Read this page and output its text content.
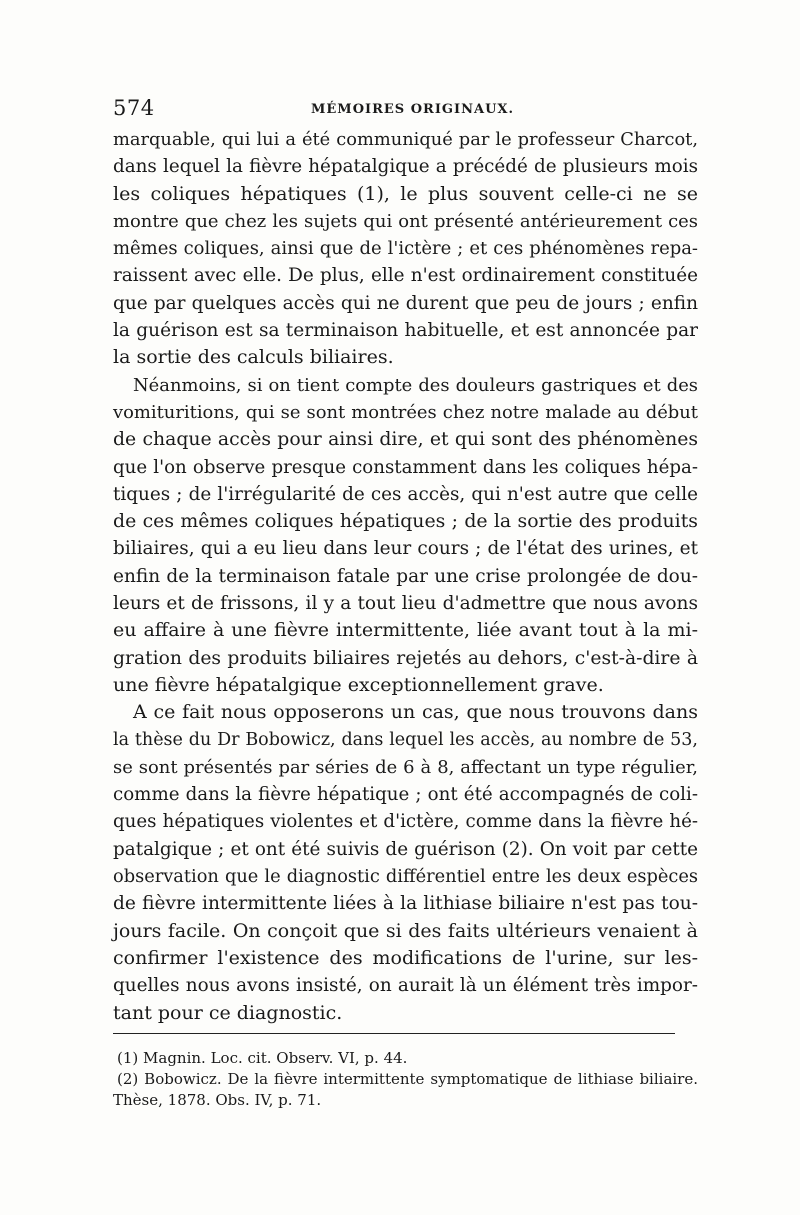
574	MÉMOIRES ORIGINAUX.
marquable, qui lui a été communiqué par le professeur Charcot,
dans lequel la fièvre hépatalgique a précédé de plusieurs mois
les coliques hépatiques (1), le plus souvent celle-ci ne se
montre que chez les sujets qui ont présenté antérieurement ces
mêmes coliques, ainsi que de l'ictère ; et ces phénomènes repa-
raissent avec elle. De plus, elle n'est ordinairement constituée
que par quelques accès qui ne durent que peu de jours ; enfin
la guérison est sa terminaison habituelle, et est annoncée par
la sortie des calculs biliaires.
Néanmoins, si on tient compte des douleurs gastriques et des
vomituritions, qui se sont montrées chez notre malade au début
de chaque accès pour ainsi dire, et qui sont des phénomènes
que l'on observe presque constamment dans les coliques hépa-
tiques ; de l'irrégularité de ces accès, qui n'est autre que celle
de ces mêmes coliques hépatiques ; de la sortie des produits
biliaires, qui a eu lieu dans leur cours ; de l'état des urines, et
enfin de la terminaison fatale par une crise prolongée de dou-
leurs et de frissons, il y a tout lieu d'admettre que nous avons
eu affaire à une fièvre intermittente, liée avant tout à la mi-
gration des produits biliaires rejetés au dehors, c'est-à-dire à
une fièvre hépatalgique exceptionnellement grave.
A ce fait nous opposerons un cas, que nous trouvons dans
la thèse du Dr Bobowicz, dans lequel les accès, au nombre de 53,
se sont présentés par séries de 6 à 8, affectant un type régulier,
comme dans la fièvre hépatique ; ont été accompagnés de coli-
ques hépatiques violentes et d'ictère, comme dans la fièvre hé-
patalgique ; et ont été suivis de guérison (2). On voit par cette
observation que le diagnostic différentiel entre les deux espèces
de fièvre intermittente liées à la lithiase biliaire n'est pas tou-
jours facile. On conçoit que si des faits ultérieurs venaient à
confirmer l'existence des modifications de l'urine, sur les-
quelles nous avons insisté, on aurait là un élément très impor-
tant pour ce diagnostic.
(1) Magnin. Loc. cit. Observ. VI, p. 44.
(2) Bobowicz. De la fièvre intermittente symptomatique de lithiase biliaire.
Thèse, 1878. Obs. IV, p. 71.
